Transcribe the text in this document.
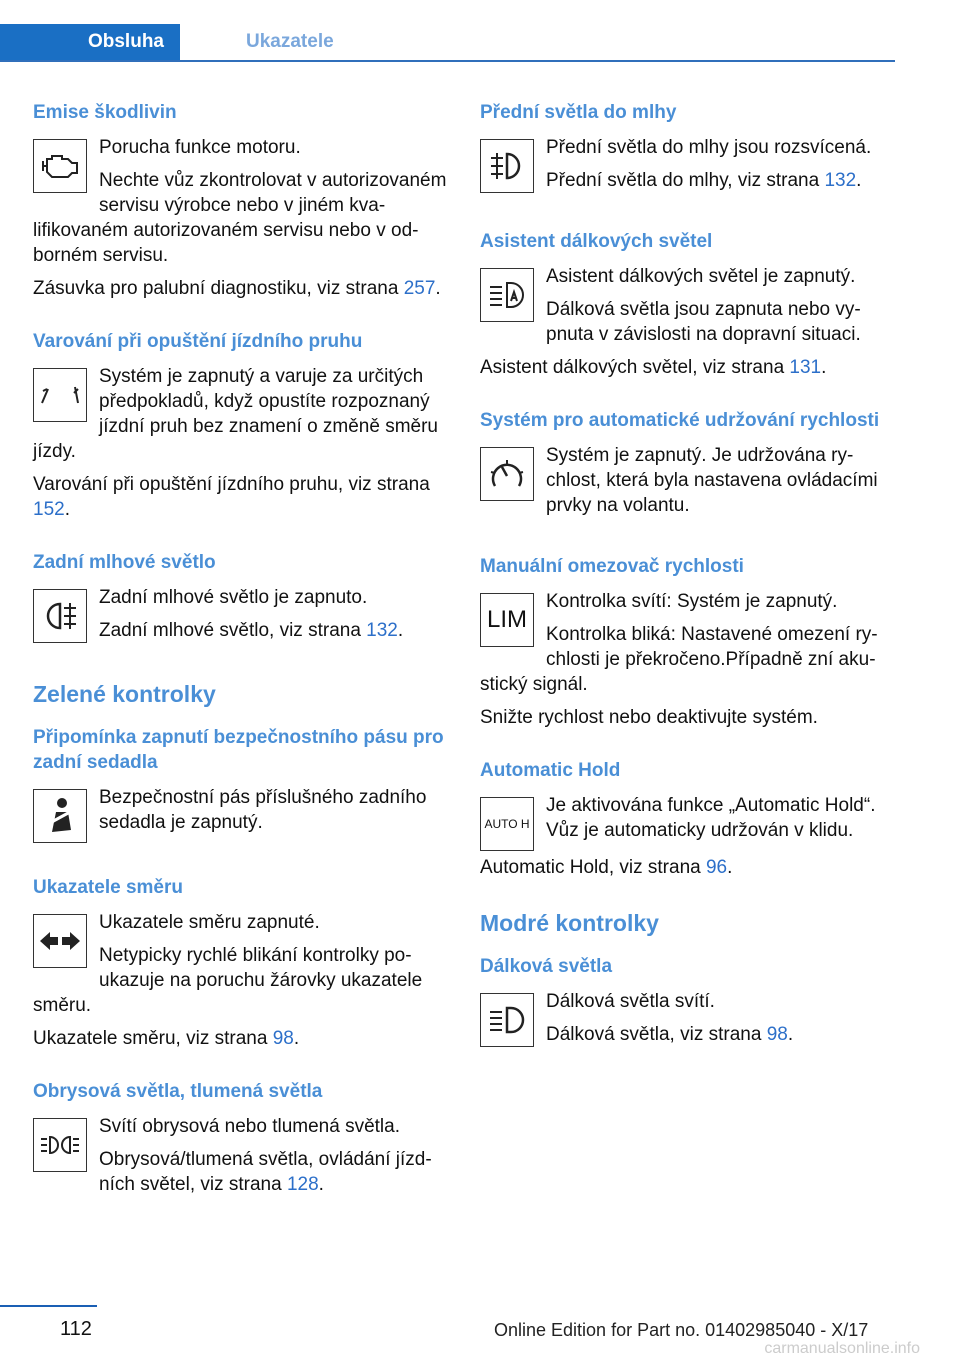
Obsluha	Ukazatele
Emise škodlivin

Porucha funkce motoru.

Nechte vůz zkontrolovat v autorizovaném servisu výrobce nebo v jiném kvalifikovaném autorizovaném servisu nebo v odborném servisu.

Zásuvka pro palubní diagnostiku, viz strana 257.

Varování při opuštění jízdního pruhu

Systém je zapnutý a varuje za určitých předpokladů, když opustíte rozpoznaný jízdní pruh bez znamení o změně směru jízdy.

Varování při opuštění jízdního pruhu, viz strana 152.

Zadní mlhové světlo

Zadní mlhové světlo je zapnuto.

Zadní mlhové světlo, viz strana 132.

Zelené kontrolky
Připomínka zapnutí bezpečnostního pásu pro zadní sedadla

Bezpečnostní pás příslušného zadního sedadla je zapnutý.

Ukazatele směru

Ukazatele směru zapnuté.

Netypicky rychlé blikání kontrolky poukazuje na poruchu žárovky ukazatele směru.

Ukazatele směru, viz strana 98.

Obrysová světla, tlumená světla

Svítí obrysová nebo tlumená světla.

Obrysová/tlumená světla, ovládání jízdních světel, viz strana 128.

Přední světla do mlhy

Přední světla do mlhy jsou rozsvícená.

Přední světla do mlhy, viz strana 132.

Asistent dálkových světel

Asistent dálkových světel je zapnutý.

Dálková světla jsou zapnuta nebo vypnuta v závislosti na dopravní situaci.

Asistent dálkových světel, viz strana 131.

Systém pro automatické udržování rychlosti

Systém je zapnutý. Je udržována rychlost, která byla nastavena ovládacími prvky na volantu.

Manuální omezovač rychlosti
LIM

Kontrolka svítí: Systém je zapnutý.

Kontrolka bliká: Nastavené omezení rychlosti je překročeno.Případně zní akustický signál.

Snižte rychlost nebo deaktivujte systém.

Automatic Hold
AUTO H

Je aktivována funkce „Automatic Hold“. Vůz je automaticky udržován v klidu.

Automatic Hold, viz strana 96.

Modré kontrolky
Dálková světla

Dálková světla svítí.

Dálková světla, viz strana 98.

112	Online Edition for Part no. 01402985040 - X/17
carmanualsonline.info
